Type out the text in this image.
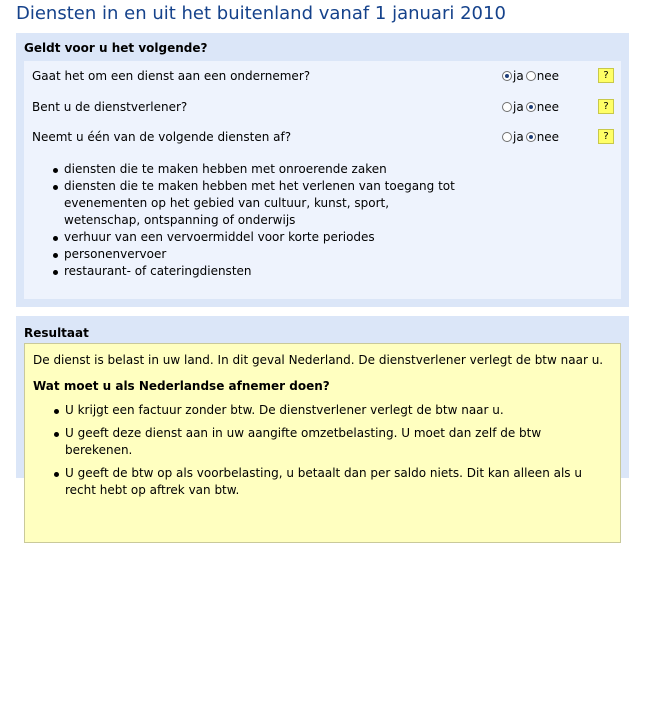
Diensten in en uit het buitenland vanaf 1 januari 2010
Geldt voor u het volgende?
Gaat het om een dienst aan een ondernemer?	ja nee	?
Bent u de dienstverlener?	ja nee	?
Neemt u één van de volgende diensten af?	ja nee	?
diensten die te maken hebben met onroerende zaken
diensten die te maken hebben met het verlenen van toegang tot evenementen op het gebied van cultuur, kunst, sport, wetenschap, ontspanning of onderwijs
verhuur van een vervoermiddel voor korte periodes
personenvervoer
restaurant- of cateringdiensten
Resultaat
De dienst is belast in uw land. In dit geval Nederland. De dienstverlener verlegt de btw naar u.
Wat moet u als Nederlandse afnemer doen?
U krijgt een factuur zonder btw. De dienstverlener verlegt de btw naar u.
U geeft deze dienst aan in uw aangifte omzetbelasting. U moet dan zelf de btw berekenen.
U geeft de btw op als voorbelasting, u betaalt dan per saldo niets. Dit kan alleen als u recht hebt op aftrek van btw.
